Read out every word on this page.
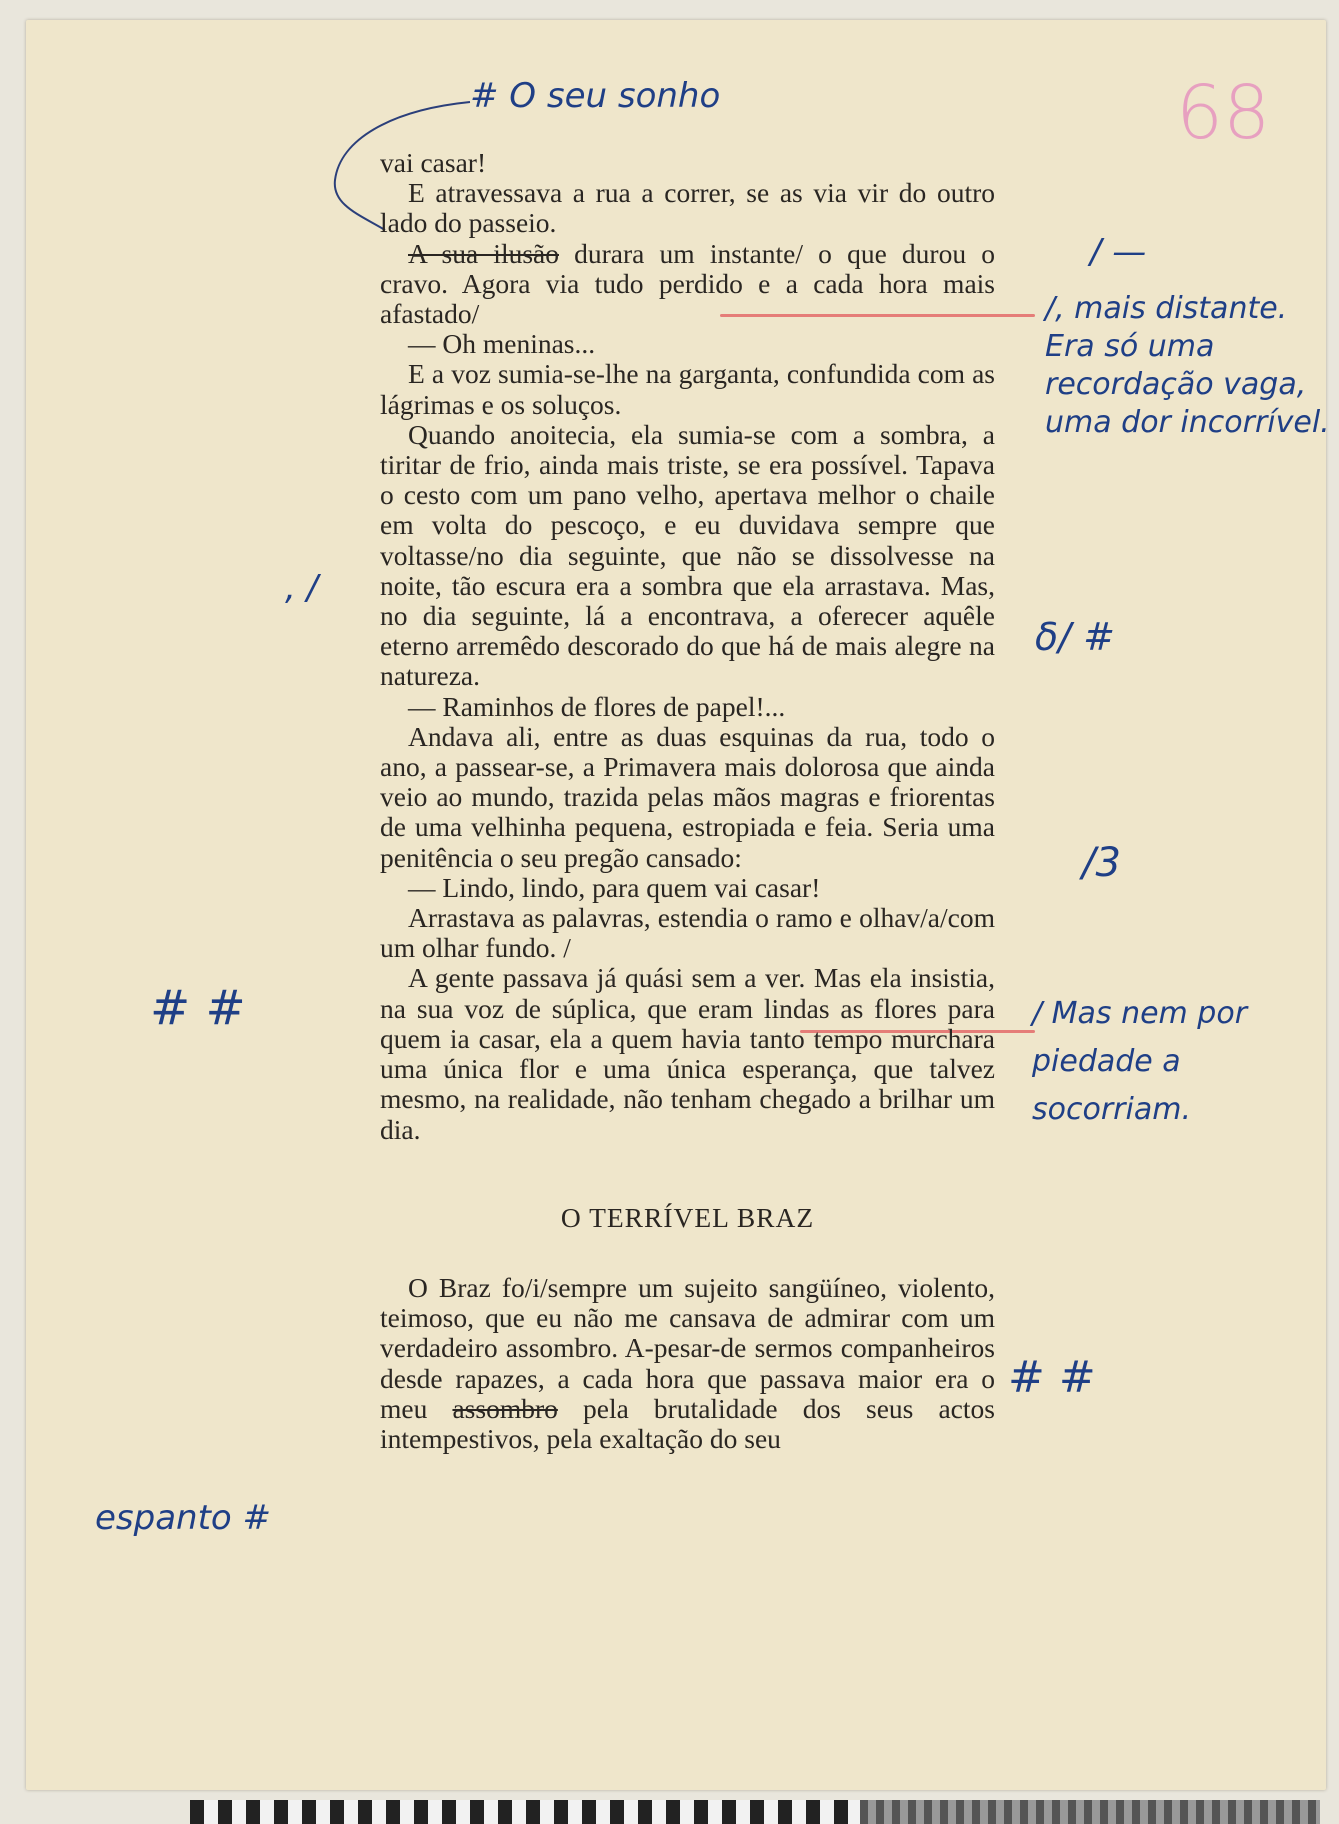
# O seu sonho	68

vai casar!

E atravessava a rua a correr, se as via vir do outro lado do passeio.

A sua ilusão durara um instante/ o que durou o cravo. Agora via tudo perdido e a cada hora mais afastado/

— Oh meninas...

E a voz sumia-se-lhe na garganta, confundida com as lágrimas e os soluços.

Quando anoitecia, ela sumia-se com a sombra, a tiritar de frio, ainda mais triste, se era possível. Tapava o cesto com um pano velho, apertava melhor o chaile em volta do pescoço, e eu duvidava sempre que voltasse/no dia seguinte, que não se dissolvesse na noite, tão escura era a sombra que ela arrastava. Mas, no dia seguinte, lá a encontrava, a oferecer aquêle eterno arremêdo descorado do que há de mais alegre na natureza.

— Raminhos de flores de papel!...

Andava ali, entre as duas esquinas da rua, todo o ano, a passear-se, a Primavera mais dolorosa que ainda veio ao mundo, trazida pelas mãos magras e friorentas de uma velhinha pequena, estropiada e feia. Seria uma penitência o seu pregão cansado:

— Lindo, lindo, para quem vai casar!

Arrastava as palavras, estendia o ramo e olhav/a/com um olhar fundo. /

A gente passava já quási sem a ver. Mas ela insistia, na sua voz de súplica, que eram lindas as flores para quem ia casar, ela a quem havia tanto tempo murchara uma única flor e uma única esperança, que talvez mesmo, na realidade, não tenham chegado a brilhar um dia.

O TERRÍVEL BRAZ

O Braz fo/i/sempre um sujeito sangüíneo, violento, teimoso, que eu não me cansava de admirar com um verdadeiro assombro. A-pesar-de sermos companheiros desde rapazes, a cada hora que passava maior era o meu assombro pela brutalidade dos seus actos intempestivos, pela exaltação do seu

/ —
/, mais distante. Era só uma recordação vaga, uma dor incorrível.
δ/ #
/3
/ Mas nem por piedade a socorriam.
# #
# #
, /
espanto #
